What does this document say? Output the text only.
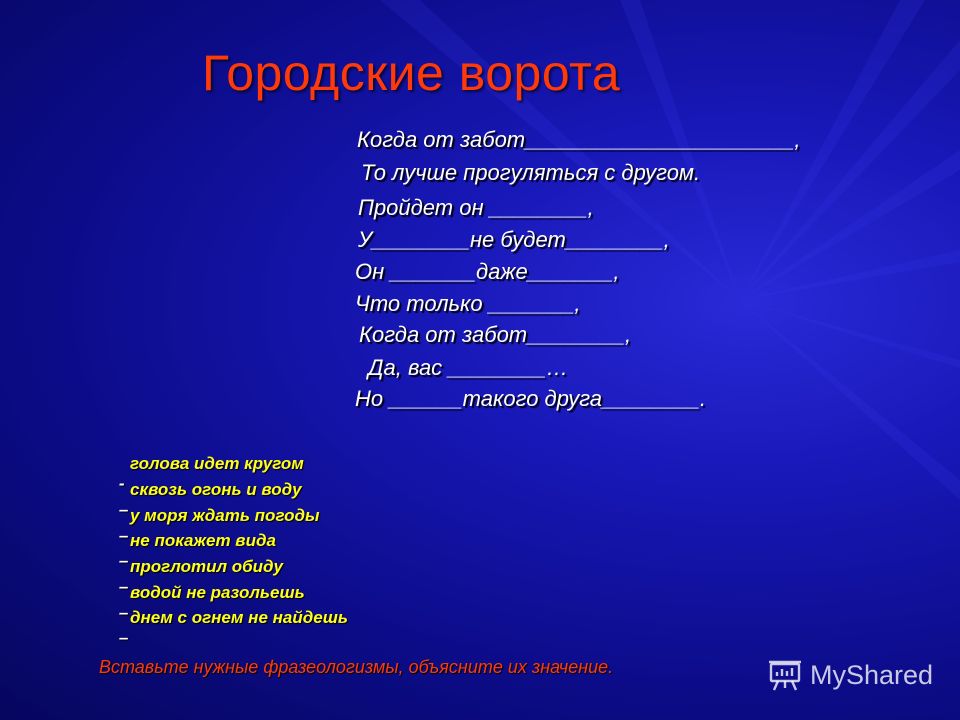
Городские ворота
Когда от забот______________________,
То лучше прогуляться с другом.
Пройдет он ________,
У________не будет________,
Он _______даже_______,
Что только _______,
Когда от забот________,
Да, вас ________…
Но ______такого друга________.

-
голова идет кругом

–
сквозь огонь и воду

–
у моря ждать погоды

–
не покажет вида

–
проглотил обиду

–
водой не разольешь

–
днем с огнем не найдешь

Вставьте нужные фразеологизмы, объясните их значение.	MyShared
